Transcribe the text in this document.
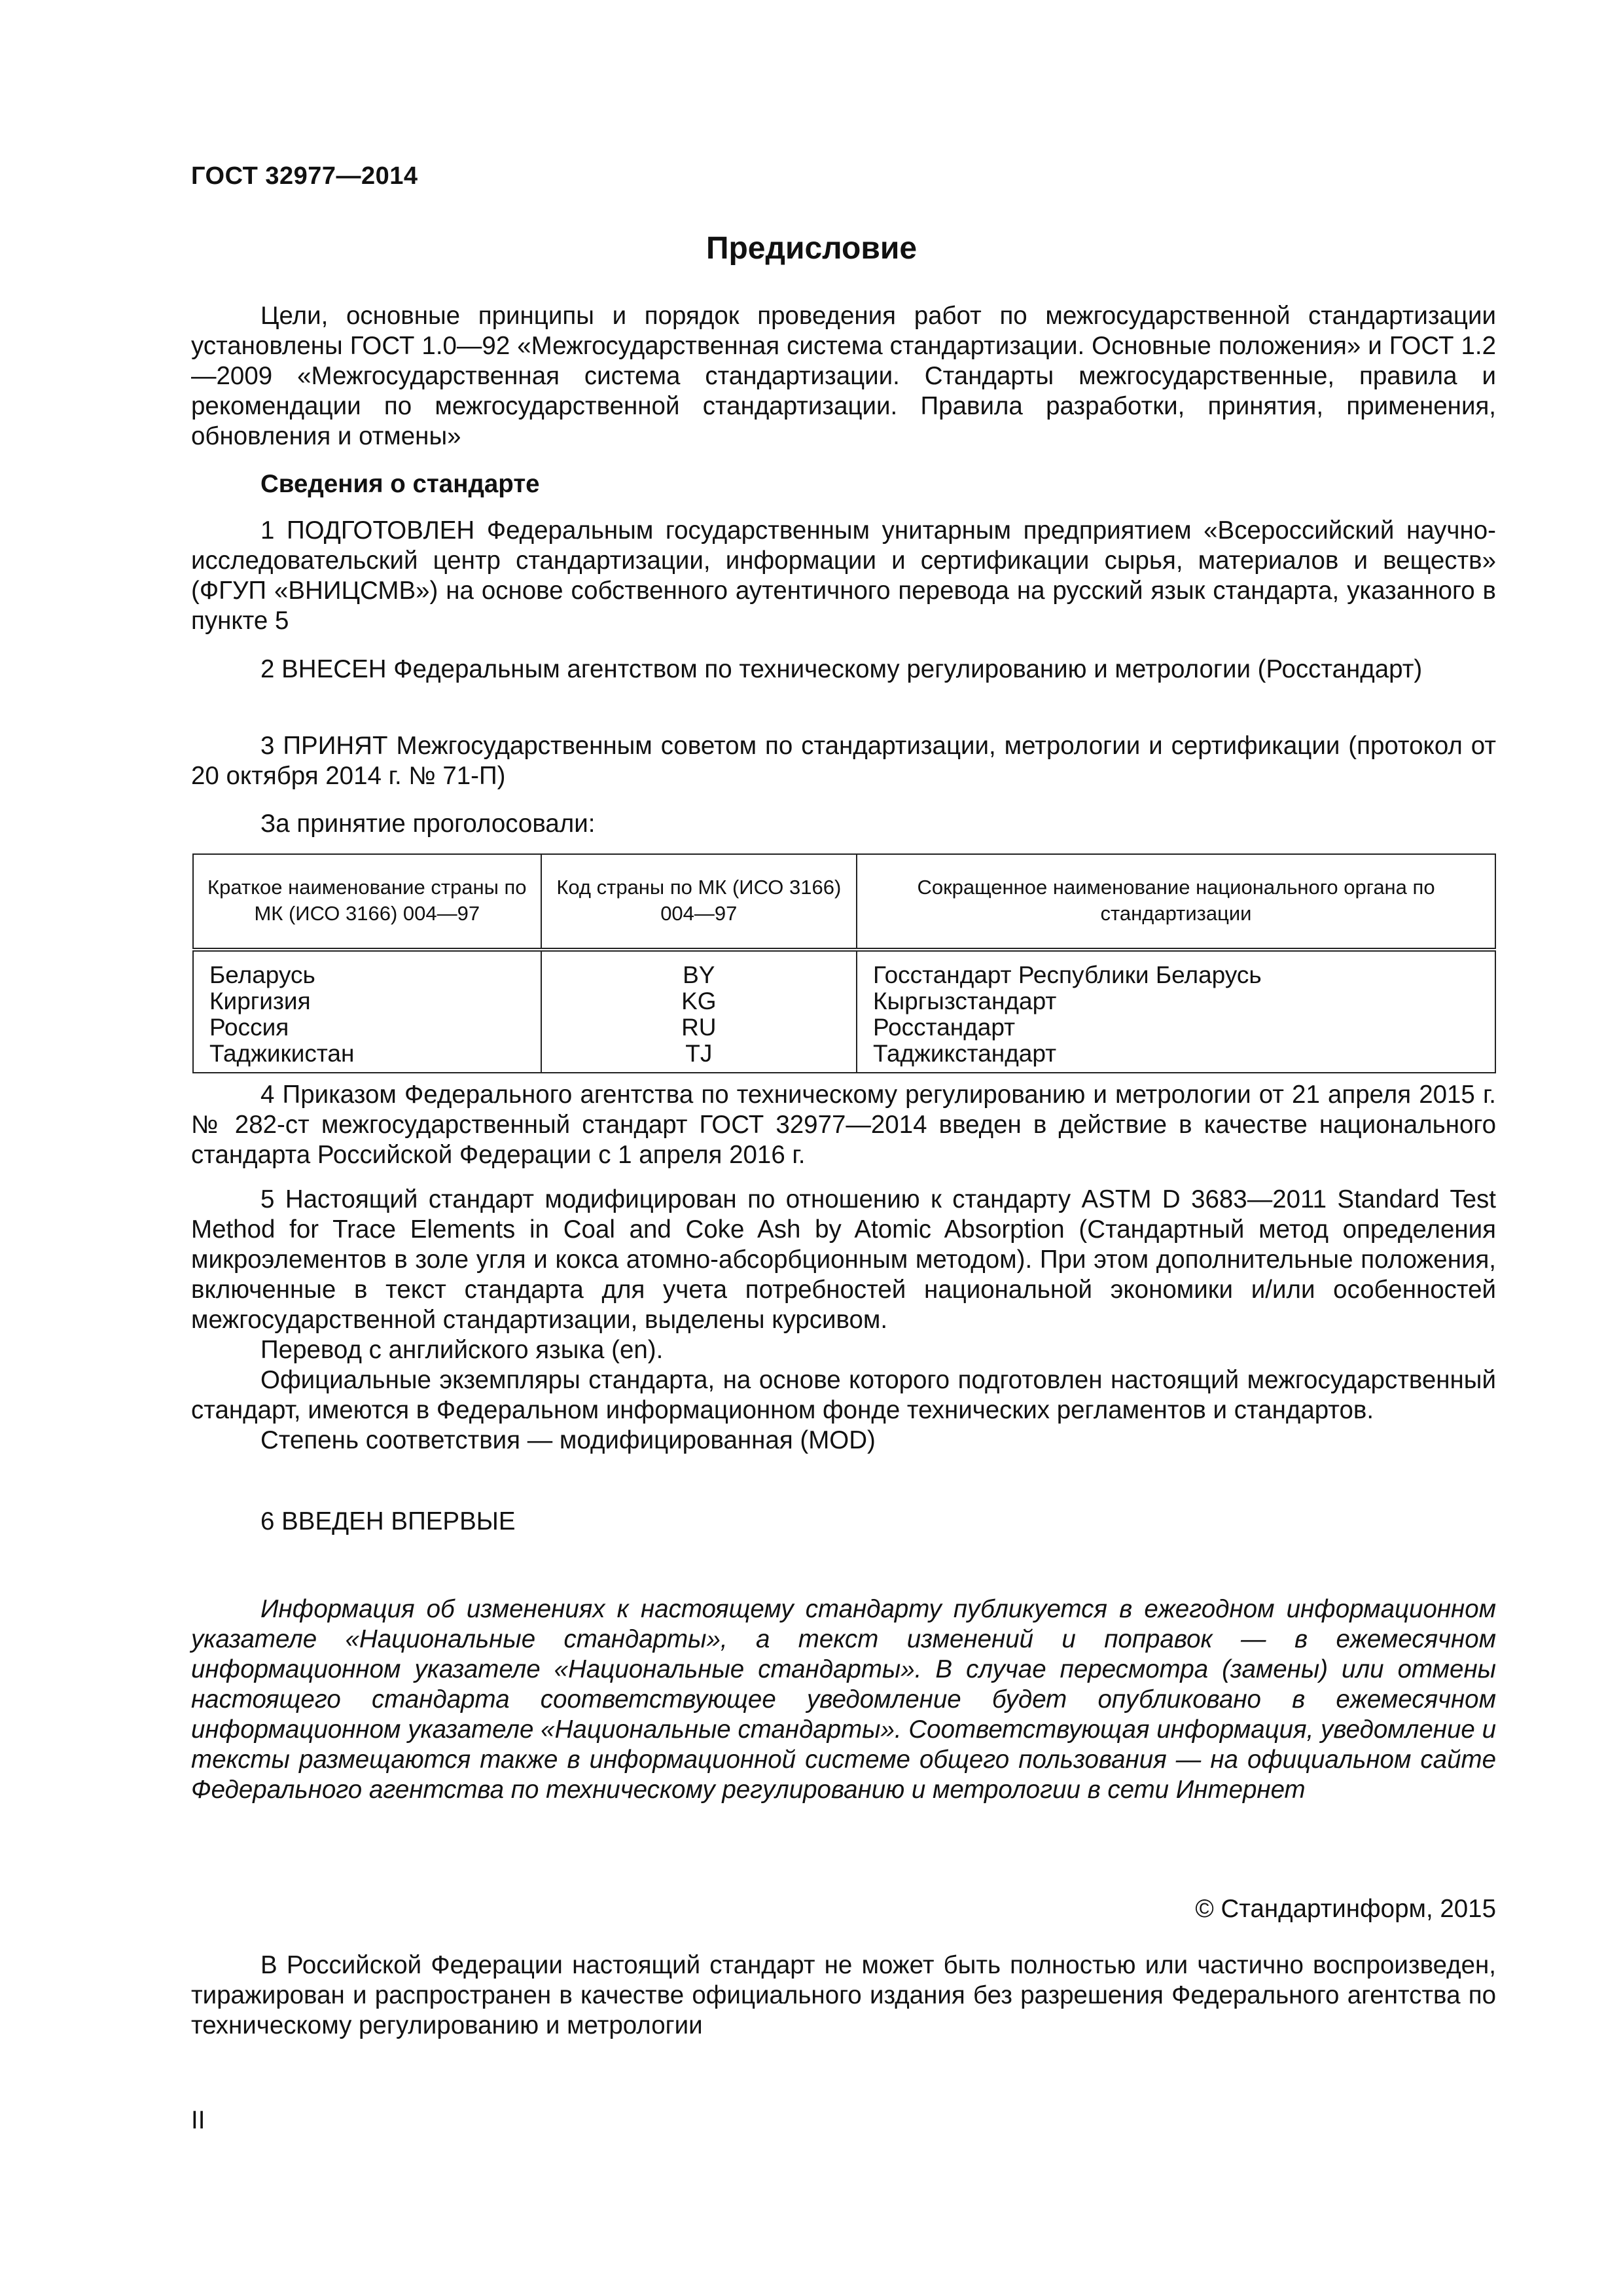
ГОСТ 32977—2014
Предисловие

Цели, основные принципы и порядок проведения работ по межгосударственной стандартизации установлены ГОСТ 1.0—92 «Межгосударственная система стандартизации. Основные положения» и ГОСТ 1.2—2009 «Межгосударственная система стандартизации. Стандарты межгосударственные, правила и рекомендации по межгосударственной стандартизации. Правила разработки, принятия, применения, обновления и отмены»

Сведения о стандарте

1 ПОДГОТОВЛЕН Федеральным государственным унитарным предприятием «Всероссийский научно-исследовательский центр стандартизации, информации и сертификации сырья, материалов и веществ» (ФГУП «ВНИЦСМВ») на основе собственного аутентичного перевода на русский язык стандарта, указанного в пункте 5

2 ВНЕСЕН Федеральным агентством по техническому регулированию и метрологии (Росстандарт)

3 ПРИНЯТ Межгосударственным советом по стандартизации, метрологии и сертификации (протокол от 20 октября 2014 г. № 71-П)

За принятие проголосовали:

Краткое наименование страны по МК (ИСО 3166) 004—97	Код страны по МК (ИСО 3166) 004—97	Сокращенное наименование национального органа по стандартизации
Беларусь	BY	Госстандарт Республики Беларусь
Киргизия	KG	Кыргызстандарт
Россия	RU	Росстандарт
Таджикистан	TJ	Таджикстандарт

4 Приказом Федерального агентства по техническому регулированию и метрологии от 21 апреля 2015 г. № 282-ст межгосударственный стандарт ГОСТ 32977—2014 введен в действие в качестве национального стандарта Российской Федерации с 1 апреля 2016 г.

5 Настоящий стандарт модифицирован по отношению к стандарту ASTM D 3683—2011 Standard Test Method for Trace Elements in Coal and Coke Ash by Atomic Absorption (Стандартный метод определения микроэлементов в золе угля и кокса атомно-абсорбционным методом). При этом дополнительные положения, включенные в текст стандарта для учета потребностей национальной экономики и/или особенностей межгосударственной стандартизации, выделены курсивом.

Перевод с английского языка (en).

Официальные экземпляры стандарта, на основе которого подготовлен настоящий межгосударственный стандарт, имеются в Федеральном информационном фонде технических регламентов и стандартов.

Степень соответствия — модифицированная (MOD)

6 ВВЕДЕН ВПЕРВЫЕ

Информация об изменениях к настоящему стандарту публикуется в ежегодном информационном указателе «Национальные стандарты», а текст изменений и поправок — в ежемесячном информационном указателе «Национальные стандарты». В случае пересмотра (замены) или отмены настоящего стандарта соответствующее уведомление будет опубликовано в ежемесячном информационном указателе «Национальные стандарты». Соответствующая информация, уведомление и тексты размещаются также в информационной системе общего пользования — на официальном сайте Федерального агентства по техническому регулированию и метрологии в сети Интернет

© Стандартинформ, 2015

В Российской Федерации настоящий стандарт не может быть полностью или частично воспроизведен, тиражирован и распространен в качестве официального издания без разрешения Федерального агентства по техническому регулированию и метрологии

II
